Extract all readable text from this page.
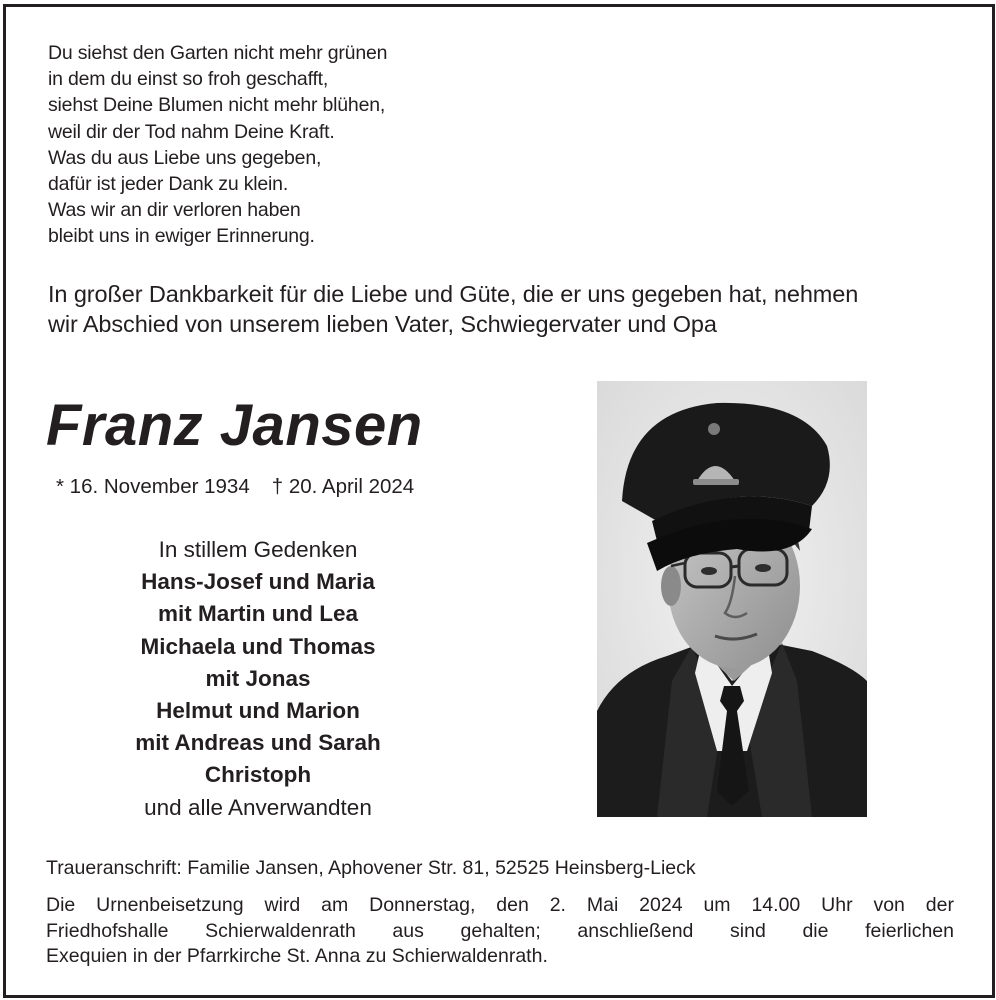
Du siehst den Garten nicht mehr grünen
in dem du einst so froh geschafft,
siehst Deine Blumen nicht mehr blühen,
weil dir der Tod nahm Deine Kraft.
Was du aus Liebe uns gegeben,
dafür ist jeder Dank zu klein.
Was wir an dir verloren haben
bleibt uns in ewiger Erinnerung.
In großer Dankbarkeit für die Liebe und Güte, die er uns gegeben hat, nehmen
wir Abschied von unserem lieben Vater, Schwiegervater und Opa
Franz Jansen
* 16. November 1934 † 20. April 2024
In stillem Gedenken
Hans-Josef und Maria
mit Martin und Lea
Michaela und Thomas
mit Jonas
Helmut und Marion
mit Andreas und Sarah
Christoph
und alle Anverwandten
Traueranschrift: Familie Jansen, Aphovener Str. 81, 52525 Heinsberg-Lieck
Die Urnenbeisetzung wird am Donnerstag, den 2. Mai 2024 um 14.00 Uhr von der
Friedhofshalle Schierwaldenrath aus gehalten; anschließend sind die feierlichen
Exequien in der Pfarrkirche St. Anna zu Schierwaldenrath.
